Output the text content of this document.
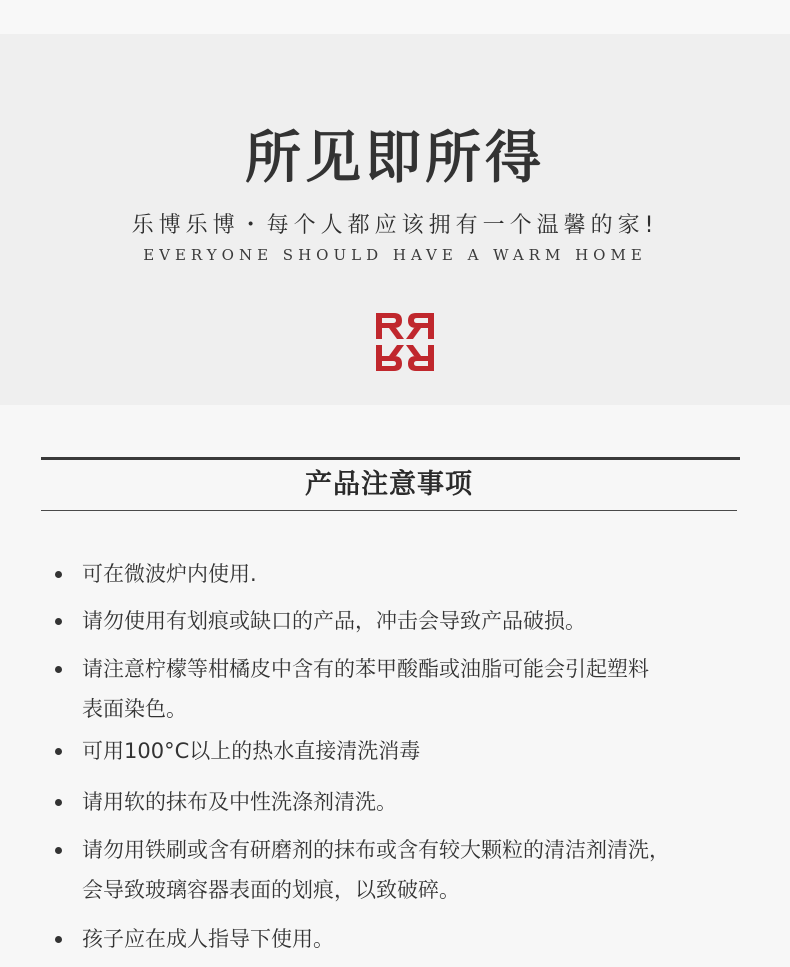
所见即所得
乐博乐博・每个人都应该拥有一个温馨的家!
EVERYONE SHOULD HAVE A WARM HOME
产品注意事项
可在微波炉内使用.
请勿使用有划痕或缺口的产品，冲击会导致产品破损。
请注意柠檬等柑橘皮中含有的苯甲酸酯或油脂可能会引起塑料
表面染色。
可用100°C以上的热水直接清洗消毒
请用软的抹布及中性洗涤剂清洗。
请勿用铁刷或含有研磨剂的抹布或含有较大颗粒的清洁剂清洗，
会导致玻璃容器表面的划痕，以致破碎。
孩子应在成人指导下使用。
